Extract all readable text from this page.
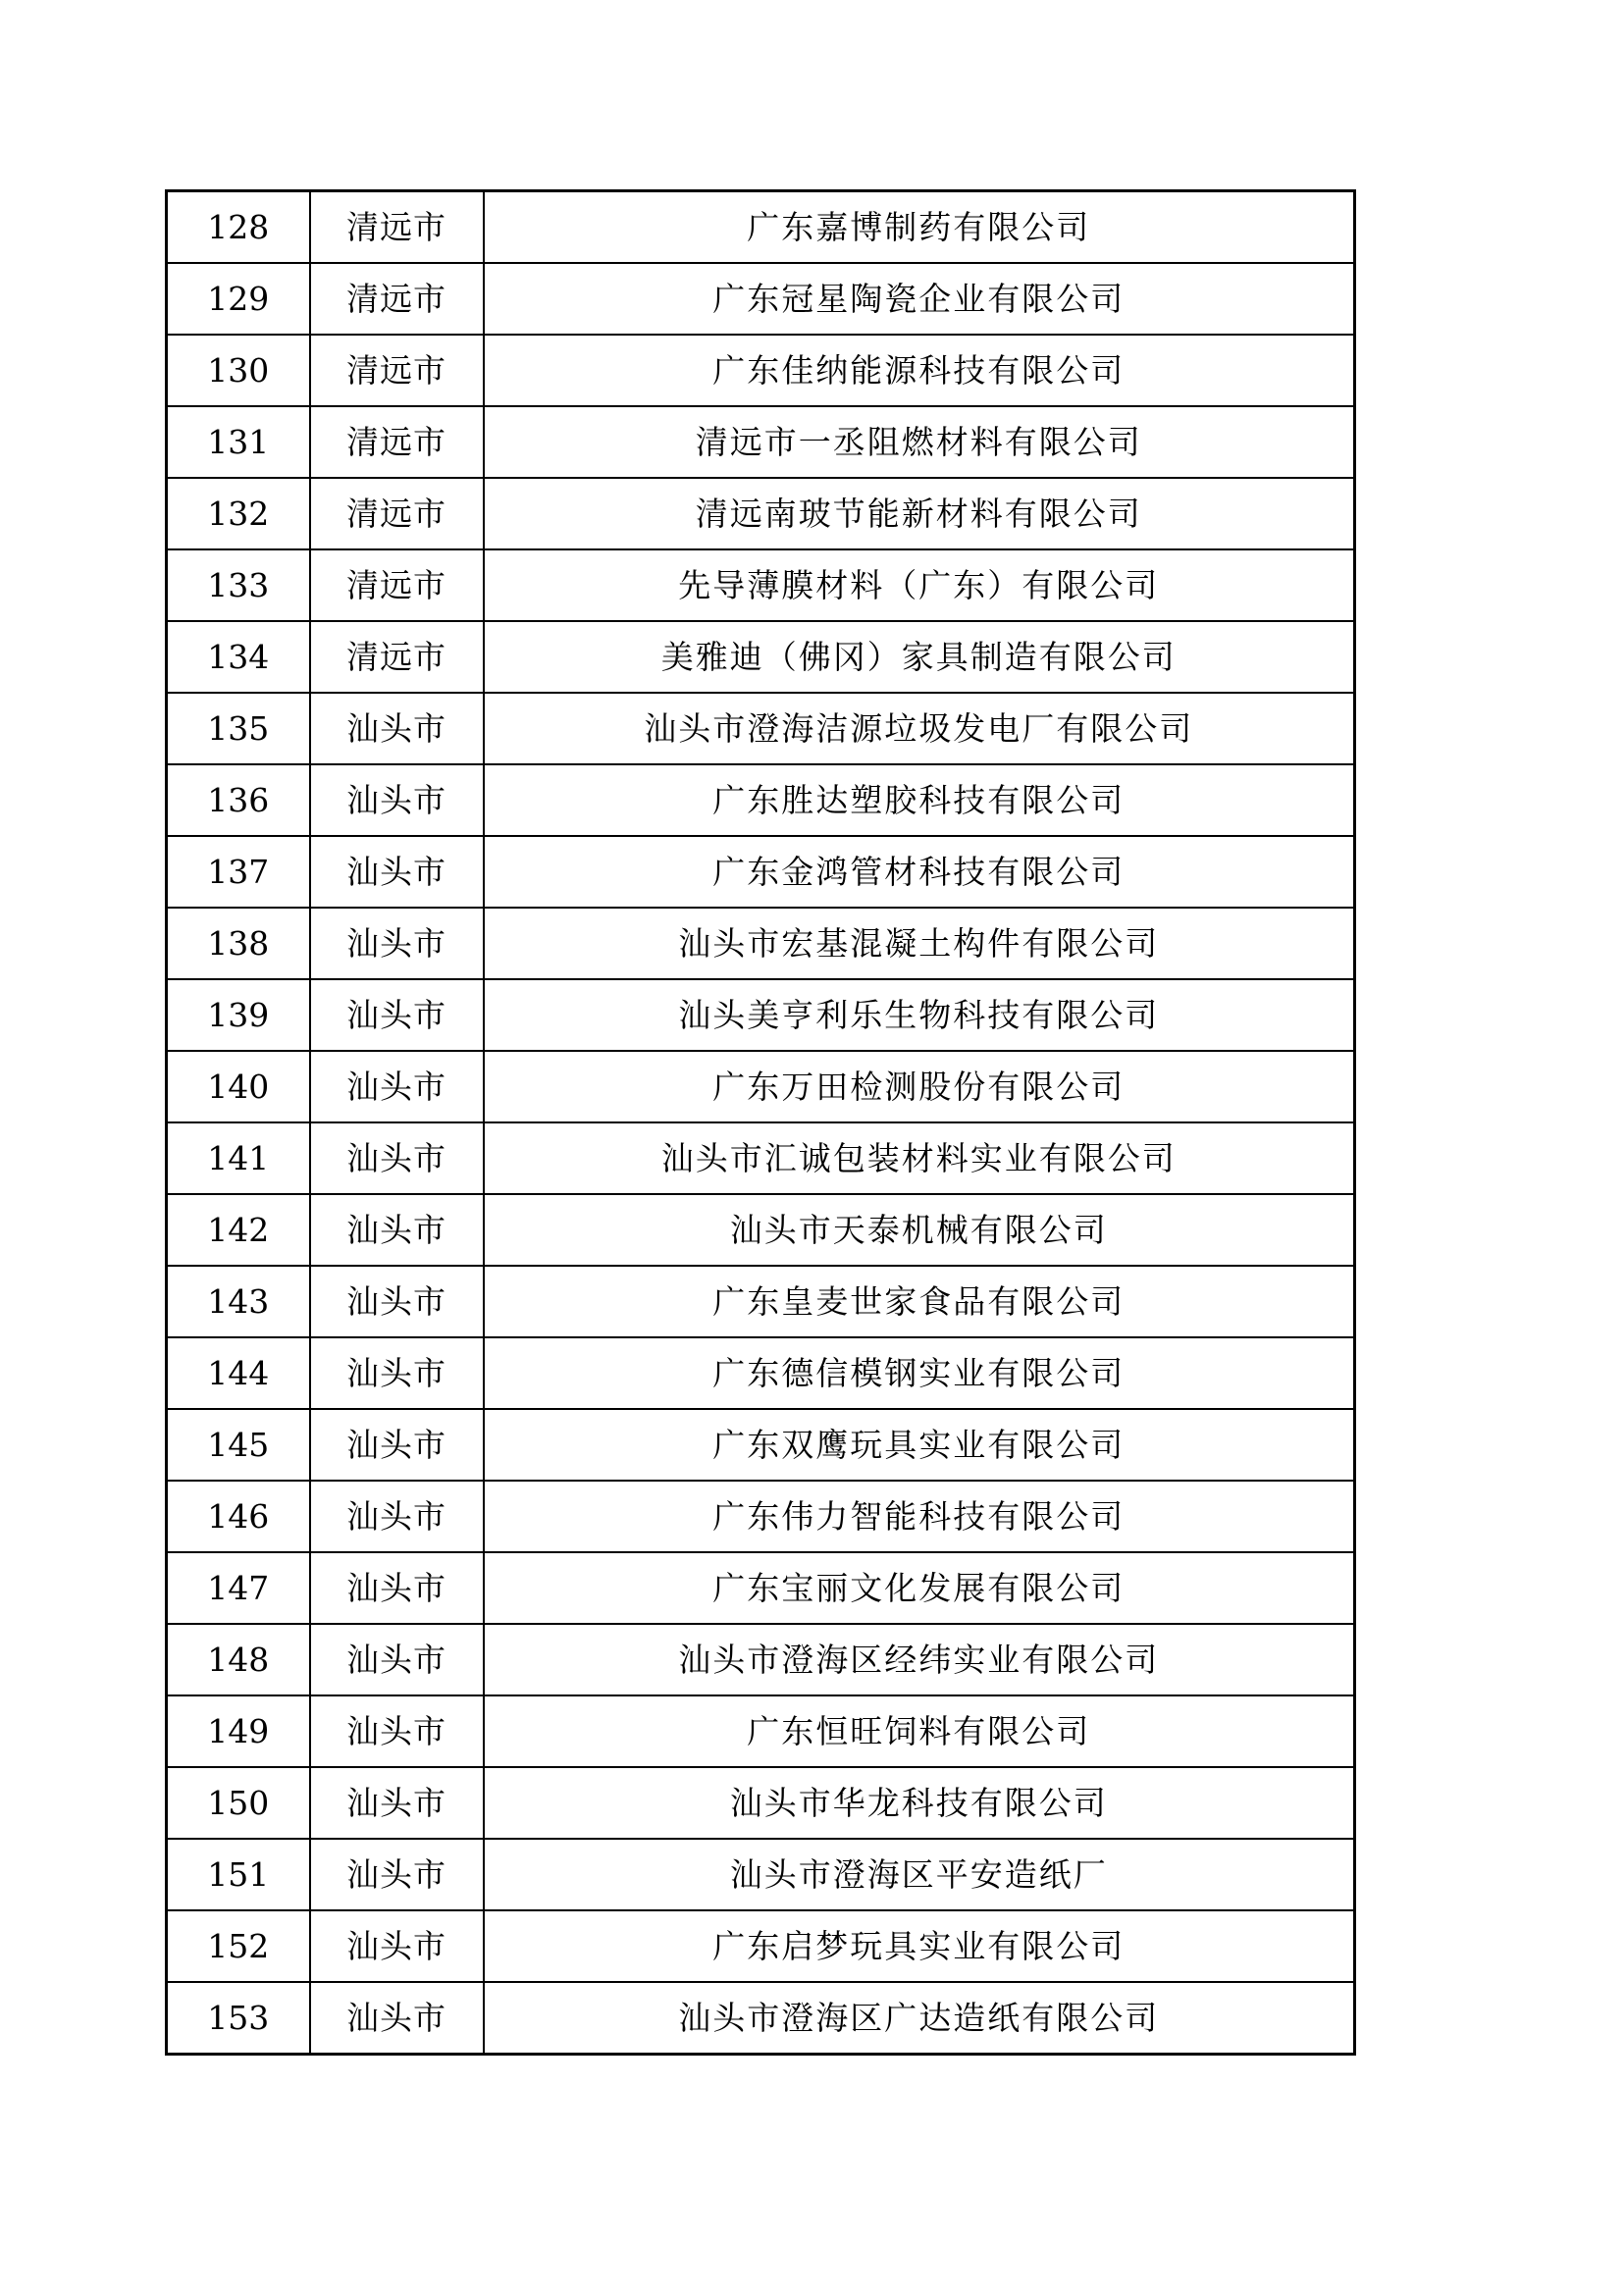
128	清远市	广东嘉博制药有限公司
129	清远市	广东冠星陶瓷企业有限公司
130	清远市	广东佳纳能源科技有限公司
131	清远市	清远市一丞阻燃材料有限公司
132	清远市	清远南玻节能新材料有限公司
133	清远市	先导薄膜材料（广东）有限公司
134	清远市	美雅迪（佛冈）家具制造有限公司
135	汕头市	汕头市澄海洁源垃圾发电厂有限公司
136	汕头市	广东胜达塑胶科技有限公司
137	汕头市	广东金鸿管材科技有限公司
138	汕头市	汕头市宏基混凝土构件有限公司
139	汕头市	汕头美亨利乐生物科技有限公司
140	汕头市	广东万田检测股份有限公司
141	汕头市	汕头市汇诚包装材料实业有限公司
142	汕头市	汕头市天泰机械有限公司
143	汕头市	广东皇麦世家食品有限公司
144	汕头市	广东德信模钢实业有限公司
145	汕头市	广东双鹰玩具实业有限公司
146	汕头市	广东伟力智能科技有限公司
147	汕头市	广东宝丽文化发展有限公司
148	汕头市	汕头市澄海区经纬实业有限公司
149	汕头市	广东恒旺饲料有限公司
150	汕头市	汕头市华龙科技有限公司
151	汕头市	汕头市澄海区平安造纸厂
152	汕头市	广东启梦玩具实业有限公司
153	汕头市	汕头市澄海区广达造纸有限公司
